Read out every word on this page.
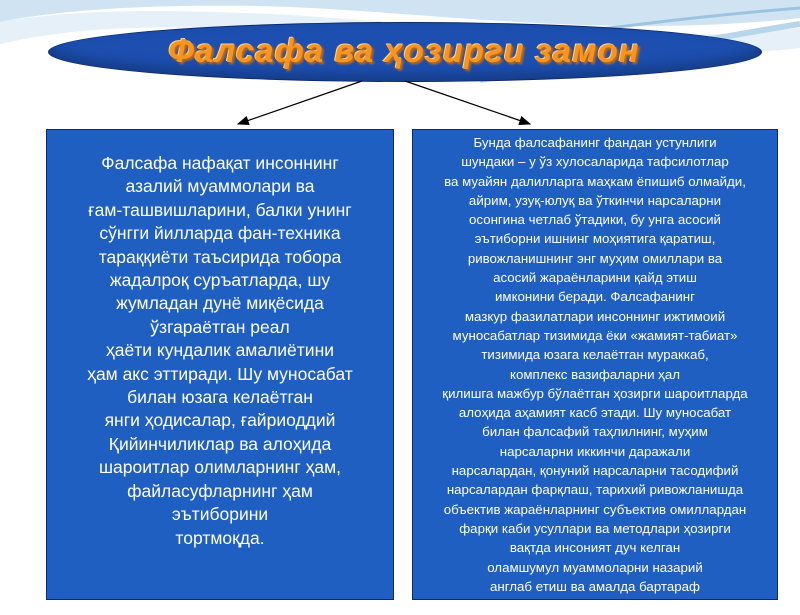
Фалсафа ва ҳозирги замон
Фалсафа нафақат инсоннинг
азалий муаммолари ва
ғам-ташвишларини, балки унинг
сўнгги йилларда фан-техника
тараққиёти таъсирида тобора
жадалроқ суръатларда, шу
жумладан дунё миқёсида
ўзгараётган реал
ҳаёти кундалик амалиётини
ҳам акс эттиради. Шу муносабат
билан юзага келаётган
янги ҳодисалар, ғайриоддий
Қийинчиликлар ва алоҳида
шароитлар олимларнинг ҳам,
файласуфларнинг ҳам
эътиборини
тортмоқда.
Бунда фалсафанинг фандан устунлиги
шундаки – у ўз хулосаларида тафсилотлар
ва муайян далилларга маҳкам ёпишиб олмайди,
айрим, узуқ-юлуқ ва ўткинчи нарсаларни
осонгина четлаб ўтадики, бу унга асосий
эътиборни ишнинг моҳиятига қаратиш,
ривожланишнинг энг муҳим омиллари ва
асосий жараёнларини қайд этиш
имконини беради. Фалсафанинг
мазкур фазилатлари инсоннинг ижтимоий
муносабатлар тизимида ёки «жамият-табиат»
тизимида юзага келаётган мураккаб,
комплекс вазифаларни ҳал
қилишга мажбур бўлаётган ҳозирги шароитларда
алоҳида аҳамият касб этади. Шу муносабат
билан фалсафий таҳлилнинг, муҳим
нарсаларни иккинчи даражали
нарсалардан, қонуний нарсаларни тасодифий
нарсалардан фарқлаш, тарихий ривожланишда
объектив жараёнларнинг субъектив омиллардан
фарқи каби усуллари ва методлари ҳозирги
вақтда инсоният дуч келган
оламшумул муаммоларни назарий
англаб етиш ва амалда бартараф
этиш учун айниқса муҳим аҳамият касб этади.
